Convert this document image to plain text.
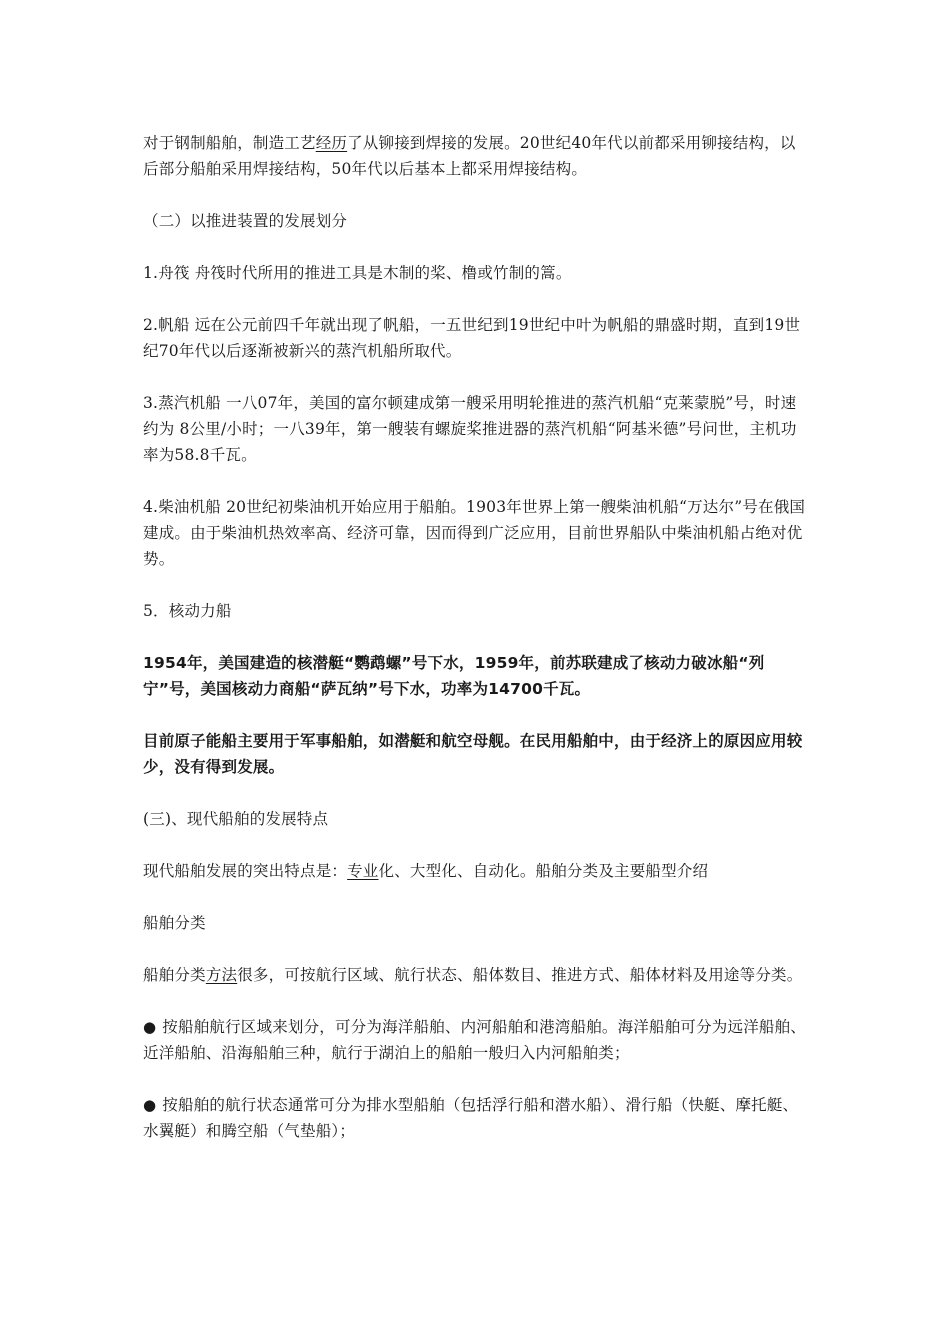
对于钢制船舶，制造工艺经历了从铆接到焊接的发展。20世纪40年代以前都采用铆接结构，以后部分船舶采用焊接结构，50年代以后基本上都采用焊接结构。

（二）以推进装置的发展划分

1.舟筏 舟筏时代所用的推进工具是木制的桨、橹或竹制的篙。

2.帆船 远在公元前四千年就出现了帆船，一五世纪到19世纪中叶为帆船的鼎盛时期，直到19世纪70年代以后逐渐被新兴的蒸汽机船所取代。

3.蒸汽机船 一八07年，美国的富尔顿建成第一艘采用明轮推进的蒸汽机船“克莱蒙脱”号，时速约为 8公里/小时；一八39年，第一艘装有螺旋桨推进器的蒸汽机船“阿基米德”号问世，主机功率为58.8千瓦。

4.柴油机船 20世纪初柴油机开始应用于船舶。1903年世界上第一艘柴油机船“万达尔”号在俄国建成。由于柴油机热效率高、经济可靠，因而得到广泛应用，目前世界船队中柴油机船占绝对优势。

5．核动力船

1954年，美国建造的核潜艇“鹦鹉螺”号下水，1959年，前苏联建成了核动力破冰船“列宁”号，美国核动力商船“萨瓦纳”号下水，功率为14700千瓦。

目前原子能船主要用于军事船舶，如潜艇和航空母舰。在民用船舶中，由于经济上的原因应用较少，没有得到发展。

(三)、现代船舶的发展特点

现代船舶发展的突出特点是：专业化、大型化、自动化。船舶分类及主要船型介绍

船舶分类

船舶分类方法很多，可按航行区域、航行状态、船体数目、推进方式、船体材料及用途等分类。

● 按船舶航行区域来划分，可分为海洋船舶、内河船舶和港湾船舶。海洋船舶可分为远洋船舶、近洋船舶、沿海船舶三种，航行于湖泊上的船舶一般归入内河船舶类；

● 按船舶的航行状态通常可分为排水型船舶（包括浮行船和潜水船）、滑行船（快艇、摩托艇、水翼艇）和腾空船（气垫船）；
